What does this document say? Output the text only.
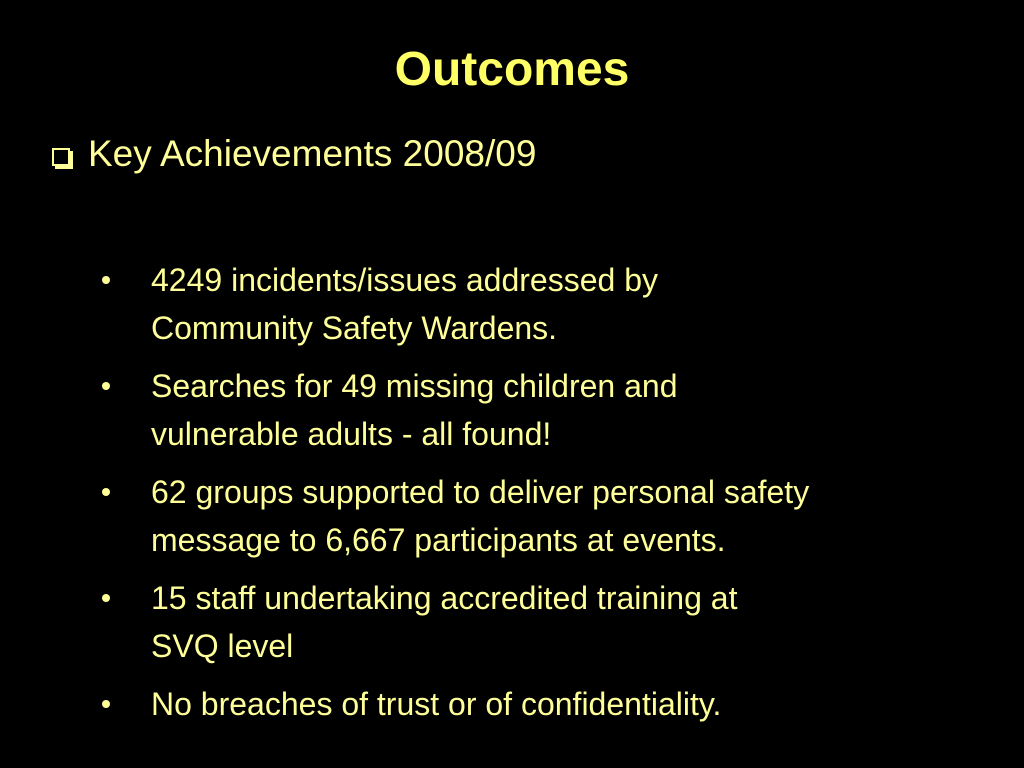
Outcomes
Key Achievements 2008/09
4249 incidents/issues addressed by
Community Safety Wardens.
Searches for 49 missing children and
vulnerable adults - all found!
62 groups supported to deliver personal safety
message to 6,667 participants at events.
15 staff undertaking accredited training at
SVQ level
No breaches of trust or of confidentiality.
